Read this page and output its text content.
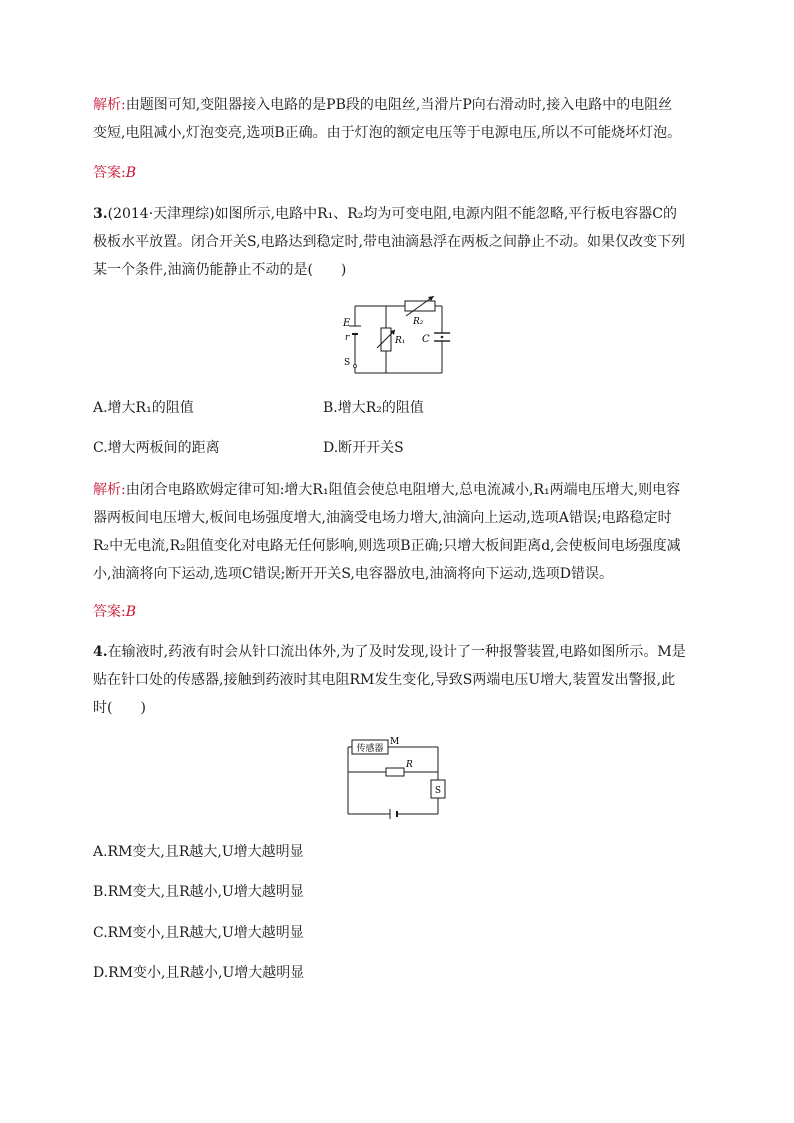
解析:由题图可知,变阻器接入电路的是PB段的电阻丝,当滑片P向右滑动时,接入电路中的电阻丝
变短,电阻减小,灯泡变亮,选项B正确。由于灯泡的额定电压等于电源电压,所以不可能烧坏灯泡。
答案:B
3.(2014·天津理综)如图所示,电路中R₁、R₂均为可变电阻,电源内阻不能忽略,平行板电容器C的
极板水平放置。闭合开关S,电路达到稳定时,带电油滴悬浮在两板之间静止不动。如果仅改变下列
某一个条件,油滴仍能静止不动的是(　　)
E
r
S
R₁
R₂
C
A.增大R₁的阻值	B.增大R₂的阻值
C.增大两板间的距离	D.断开开关S
解析:由闭合电路欧姆定律可知:增大R₁阻值会使总电阻增大,总电流减小,R₁两端电压增大,则电容
器两板间电压增大,板间电场强度增大,油滴受电场力增大,油滴向上运动,选项A错误;电路稳定时
R₂中无电流,R₂阻值变化对电路无任何影响,则选项B正确;只增大板间距离d,会使板间电场强度减
小,油滴将向下运动,选项C错误;断开开关S,电容器放电,油滴将向下运动,选项D错误。
答案:B
4.在输液时,药液有时会从针口流出体外,为了及时发现,设计了一种报警装置,电路如图所示。M是
贴在针口处的传感器,接触到药液时其电阻RM发生变化,导致S两端电压U增大,装置发出警报,此
时(　　)
传感器
M
R
S
A.RM变大,且R越大,U增大越明显
B.RM变大,且R越小,U增大越明显
C.RM变小,且R越大,U增大越明显
D.RM变小,且R越小,U增大越明显
